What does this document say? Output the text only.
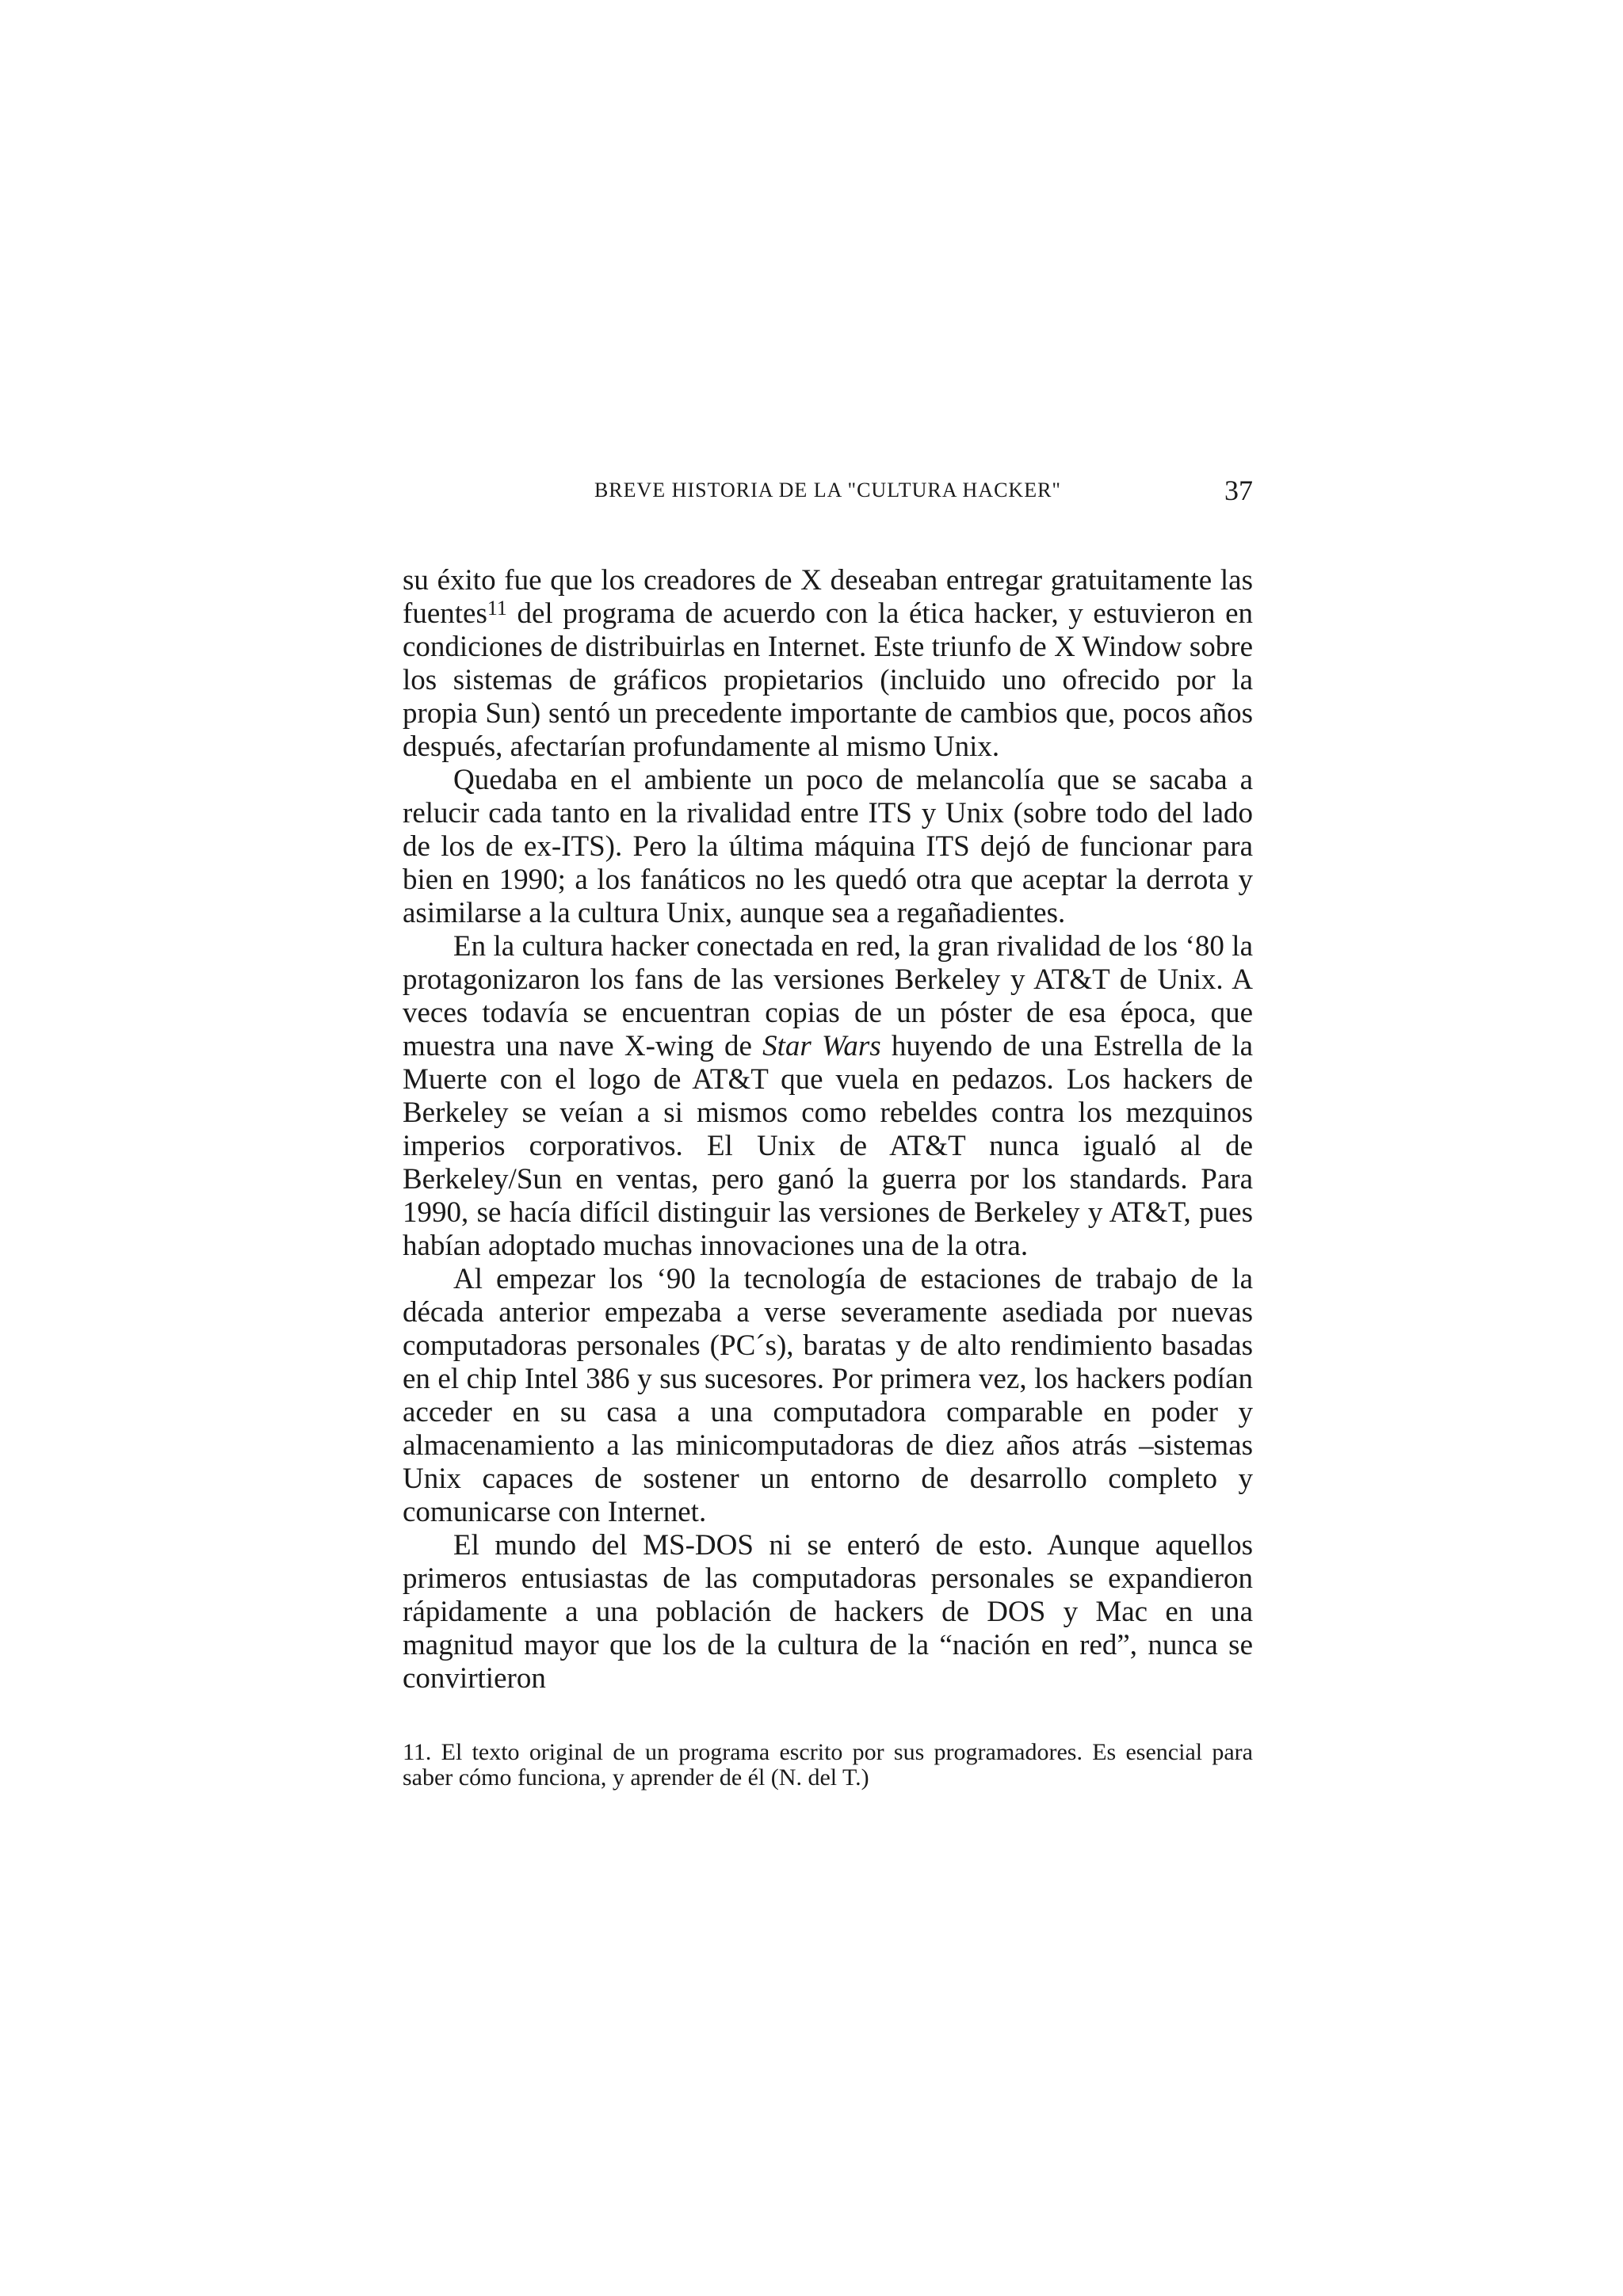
BREVE HISTORIA DE LA "CULTURA HACKER"	37

su éxito fue que los creadores de X deseaban entregar gratuitamente las fuentes$^{11}$ del programa de acuerdo con la ética hacker, y estuvieron en condiciones de distribuirlas en Internet. Este triunfo de X Window sobre los sistemas de gráficos propietarios (incluido uno ofrecido por la propia Sun) sentó un precedente importante de cambios que, pocos años después, afectarían profundamente al mismo Unix.

Quedaba en el ambiente un poco de melancolía que se sacaba a relucir cada tanto en la rivalidad entre ITS y Unix (sobre todo del lado de los de ex-ITS). Pero la última máquina ITS dejó de funcionar para bien en 1990; a los fanáticos no les quedó otra que aceptar la derrota y asimilarse a la cultura Unix, aunque sea a regañadientes.

En la cultura hacker conectada en red, la gran rivalidad de los ‘80 la protagonizaron los fans de las versiones Berkeley y AT&T de Unix. A veces todavía se encuentran copias de un póster de esa época, que muestra una nave X-wing de Star Wars huyendo de una Estrella de la Muerte con el logo de AT&T que vuela en pedazos. Los hackers de Berkeley se veían a si mismos como rebeldes contra los mezquinos imperios corporativos. El Unix de AT&T nunca igualó al de Berkeley/Sun en ventas, pero ganó la guerra por los standards. Para 1990, se hacía difícil distinguir las versiones de Berkeley y AT&T, pues habían adoptado muchas innovaciones una de la otra.

Al empezar los ‘90 la tecnología de estaciones de trabajo de la década anterior empezaba a verse severamente asediada por nuevas computadoras personales (PC´s), baratas y de alto rendimiento basadas en el chip Intel 386 y sus sucesores. Por primera vez, los hackers podían acceder en su casa a una computadora comparable en poder y almacenamiento a las minicomputadoras de diez años atrás –sistemas Unix capaces de sostener un entorno de desarrollo completo y comunicarse con Internet.

El mundo del MS-DOS ni se enteró de esto. Aunque aquellos primeros entusiastas de las computadoras personales se expandieron rápidamente a una población de hackers de DOS y Mac en una magnitud mayor que los de la cultura de la “nación en red”, nunca se convirtieron

11. El texto original de un programa escrito por sus programadores. Es esencial para saber cómo funciona, y aprender de él (N. del T.)
